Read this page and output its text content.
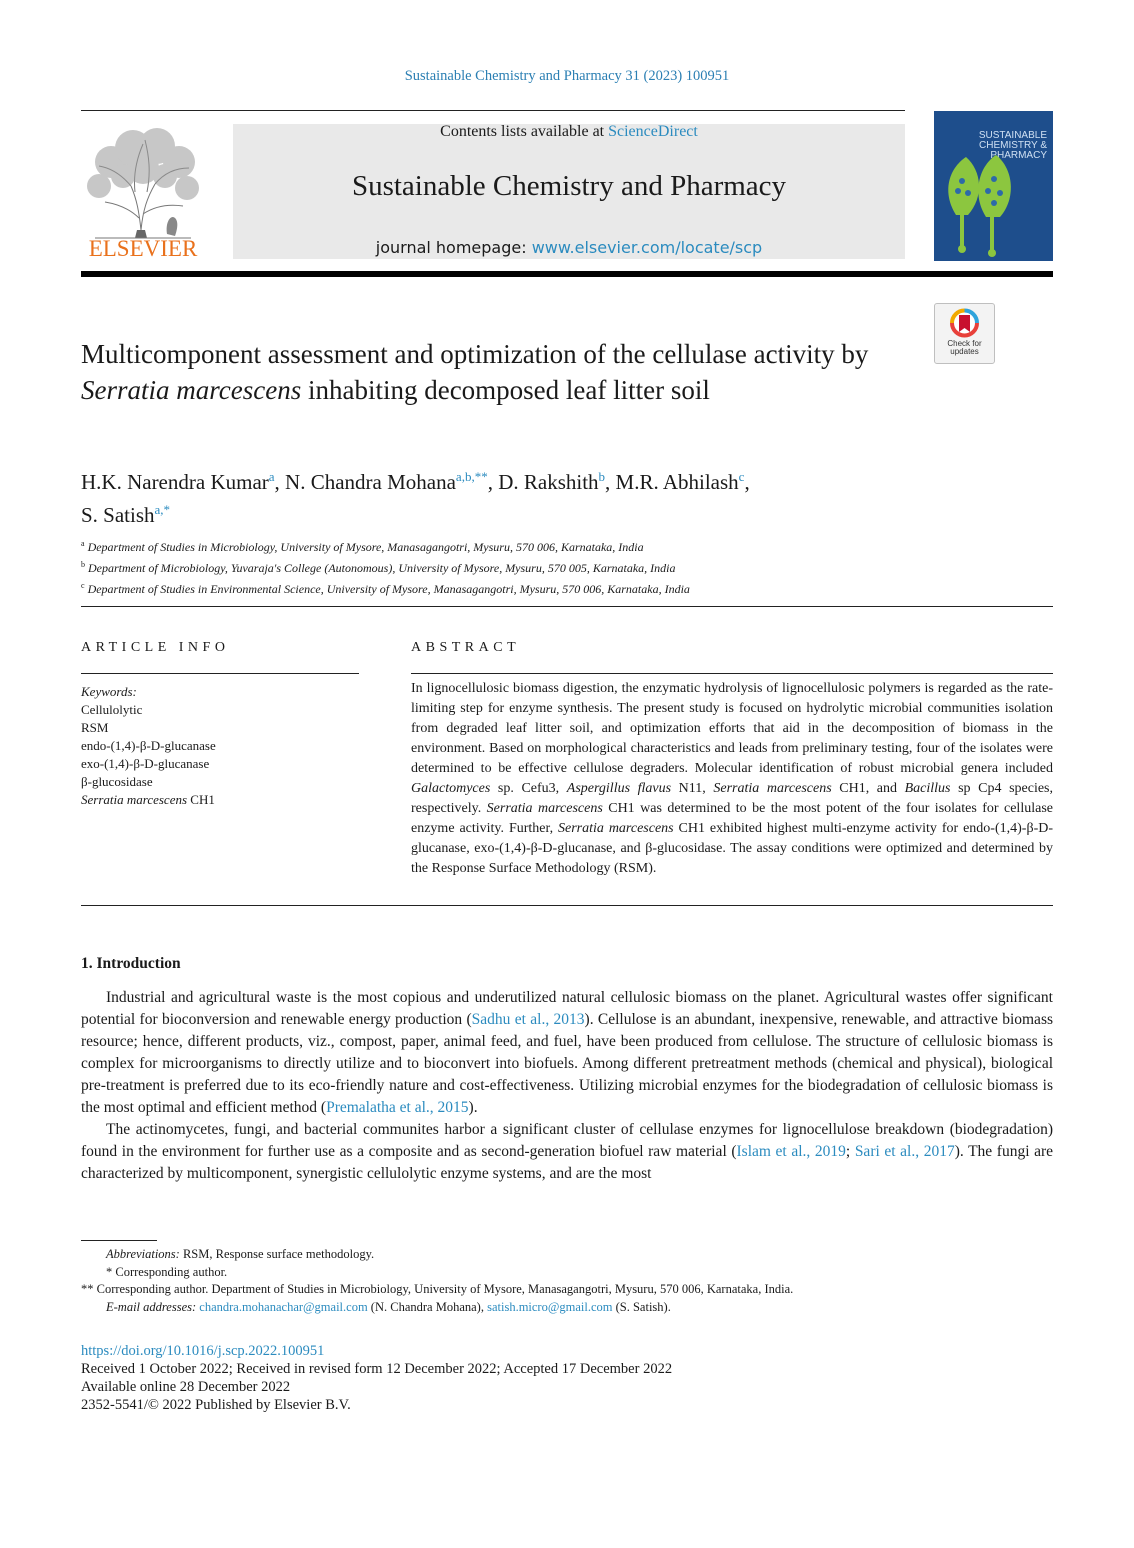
Sustainable Chemistry and Pharmacy 31 (2023) 100951
ELSEVIER
Contents lists available at ScienceDirect
Sustainable Chemistry and Pharmacy
journal homepage: www.elsevier.com/locate/scp
SUSTAINABLE CHEMISTRY & PHARMACY
Check for updates
Multicomponent assessment and optimization of the cellulase activity by Serratia marcescens inhabiting decomposed leaf litter soil
H.K. Narendra Kumar$^a$, N. Chandra Mohana$^{a,b,**}$, D. Rakshith$^b$, M.R. Abhilash$^c$,
S. Satish$^{a,*}$
$^a$ Department of Studies in Microbiology, University of Mysore, Manasagangotri, Mysuru, 570 006, Karnataka, India
$^b$ Department of Microbiology, Yuvaraja's College (Autonomous), University of Mysore, Mysuru, 570 005, Karnataka, India
$^c$ Department of Studies in Environmental Science, University of Mysore, Manasagangotri, Mysuru, 570 006, Karnataka, India
ARTICLE INFO	ABSTRACT
Keywords:
Cellulolytic
RSM
endo-(1,4)-β-D-glucanase
exo-(1,4)-β-D-glucanase
β-glucosidase
Serratia marcescens CH1
In lignocellulosic biomass digestion, the enzymatic hydrolysis of lignocellulosic polymers is regarded as the rate-limiting step for enzyme synthesis. The present study is focused on hydrolytic microbial communities isolation from degraded leaf litter soil, and optimization efforts that aid in the decomposition of biomass in the environment. Based on morphological characteristics and leads from preliminary testing, four of the isolates were determined to be effective cellulose degraders. Molecular identification of robust microbial genera included Galactomyces sp. Cefu3, Aspergillus flavus N11, Serratia marcescens CH1, and Bacillus sp Cp4 species, respectively. Serratia marcescens CH1 was determined to be the most potent of the four isolates for cellulase enzyme activity. Further, Serratia marcescens CH1 exhibited highest multi-enzyme activity for endo-(1,4)-β-D-glucanase, exo-(1,4)-β-D-glucanase, and β-glucosidase. The assay conditions were optimized and determined by the Response Surface Methodology (RSM).
1. Introduction

Industrial and agricultural waste is the most copious and underutilized natural cellulosic biomass on the planet. Agricultural wastes offer significant potential for bioconversion and renewable energy production (Sadhu et al., 2013). Cellulose is an abundant, inexpensive, renewable, and attractive biomass resource; hence, different products, viz., compost, paper, animal feed, and fuel, have been produced from cellulose. The structure of cellulosic biomass is complex for microorganisms to directly utilize and to bioconvert into biofuels. Among different pretreatment methods (chemical and physical), biological pre-treatment is preferred due to its eco-friendly nature and cost-effectiveness. Utilizing microbial enzymes for the biodegradation of cellulosic biomass is the most optimal and efficient method (Premalatha et al., 2015).

The actinomycetes, fungi, and bacterial communites harbor a significant cluster of cellulase enzymes for lignocellulose breakdown (biodegradation) found in the environment for further use as a composite and as second-generation biofuel raw material (Islam et al., 2019; Sari et al., 2017). The fungi are characterized by multicomponent, synergistic cellulolytic enzyme systems, and are the most

Abbreviations: RSM, Response surface methodology.
* Corresponding author.
** Corresponding author. Department of Studies in Microbiology, University of Mysore, Manasagangotri, Mysuru, 570 006, Karnataka, India.
E-mail addresses: chandra.mohanachar@gmail.com (N. Chandra Mohana), satish.micro@gmail.com (S. Satish).
https://doi.org/10.1016/j.scp.2022.100951
Received 1 October 2022; Received in revised form 12 December 2022; Accepted 17 December 2022
Available online 28 December 2022
2352-5541/© 2022 Published by Elsevier B.V.
